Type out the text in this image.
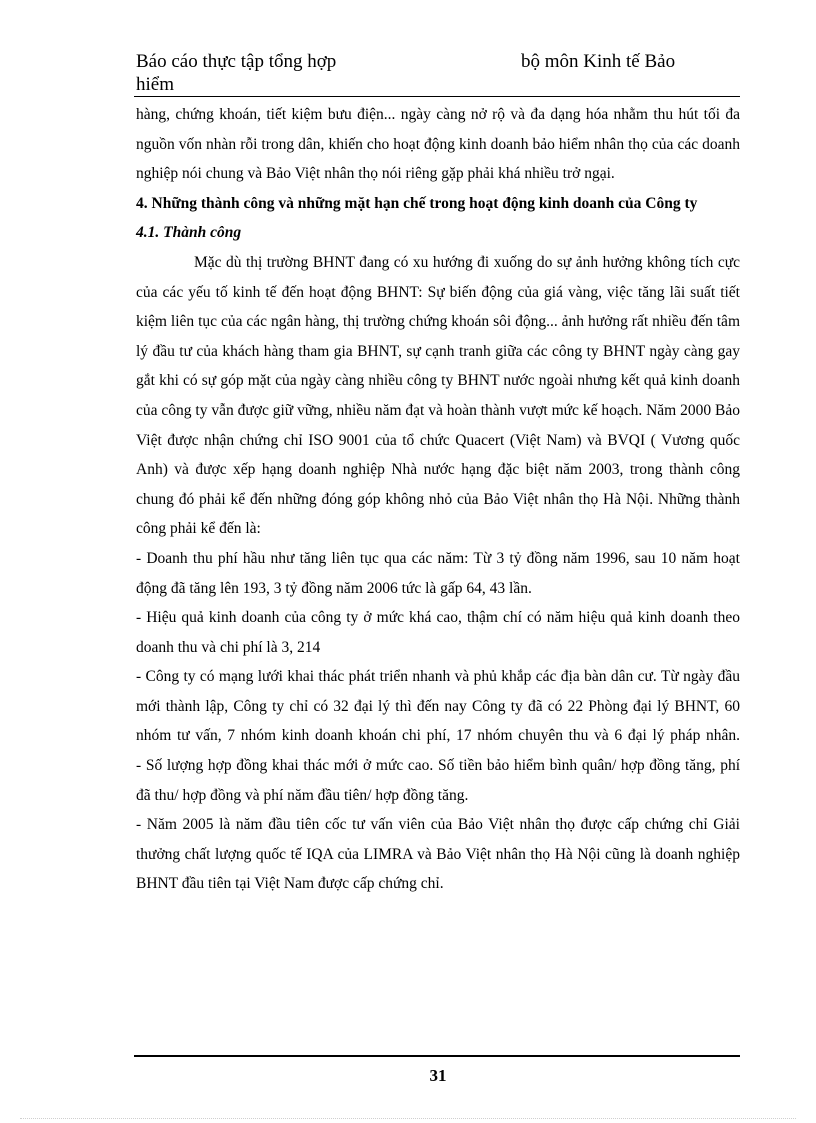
Báo cáo thực tập tổng hợp	bộ môn Kinh tế Bảo
hiểm

hàng, chứng khoán, tiết kiệm bưu điện... ngày càng nở rộ và đa dạng hóa nhằm thu hút tối đa nguồn vốn nhàn rỗi trong dân, khiến cho hoạt động kinh doanh bảo hiểm nhân thọ của các doanh nghiệp nói chung và Bảo Việt nhân thọ nói riêng gặp phải khá nhiều trở ngại.

4. Những thành công và những mặt hạn chế trong hoạt động kinh doanh của Công ty

4.1. Thành công

Mặc dù thị trường BHNT đang có xu hướng đi xuống do sự ảnh hưởng không tích cực của các yếu tố kinh tế đến hoạt động BHNT: Sự biến động của giá vàng, việc tăng lãi suất tiết kiệm liên tục của các ngân hàng, thị trường chứng khoán sôi động... ảnh hưởng rất nhiều đến tâm lý đầu tư của khách hàng tham gia BHNT, sự cạnh tranh giữa các công ty BHNT ngày càng gay gắt khi có sự góp mặt của ngày càng nhiều công ty BHNT nước ngoài nhưng kết quả kinh doanh của công ty vẫn được giữ vững, nhiều năm đạt và hoàn thành vượt mức kế hoạch. Năm 2000 Bảo Việt được nhận chứng chỉ ISO 9001 của tổ chức Quacert (Việt Nam) và BVQI ( Vương quốc Anh) và được xếp hạng doanh nghiệp Nhà nước hạng đặc biệt năm 2003, trong thành công chung đó phải kể đến những đóng góp không nhỏ của Bảo Việt nhân thọ Hà Nội. Những thành công phải kể đến là:

- Doanh thu phí hầu như tăng liên tục qua các năm: Từ 3 tỷ đồng năm 1996, sau 10 năm hoạt động đã tăng lên 193, 3 tỷ đồng năm 2006 tức là gấp 64, 43 lần.

- Hiệu quả kinh doanh của công ty ở mức khá cao, thậm chí có năm hiệu quả kinh doanh theo doanh thu và chi phí là 3, 214

- Công ty có mạng lưới khai thác phát triển nhanh và phủ khắp các địa bàn dân cư. Từ ngày đầu mới thành lập, Công ty chỉ có 32 đại lý thì đến nay Công ty đã có 22 Phòng đại lý BHNT, 60 nhóm tư vấn, 7 nhóm kinh doanh khoán chi phí, 17 nhóm chuyên thu và 6 đại lý pháp nhân.

- Số lượng hợp đồng khai thác mới ở mức cao. Số tiền bảo hiểm bình quân/ hợp đồng tăng, phí đã thu/ hợp đồng và phí năm đầu tiên/ hợp đồng tăng.

- Năm 2005 là năm đầu tiên cốc tư vấn viên của Bảo Việt nhân thọ được cấp chứng chỉ Giải thưởng chất lượng quốc tế IQA của LIMRA và Bảo Việt nhân thọ Hà Nội cũng là doanh nghiệp BHNT đầu tiên tại Việt Nam được cấp chứng chỉ.

31
